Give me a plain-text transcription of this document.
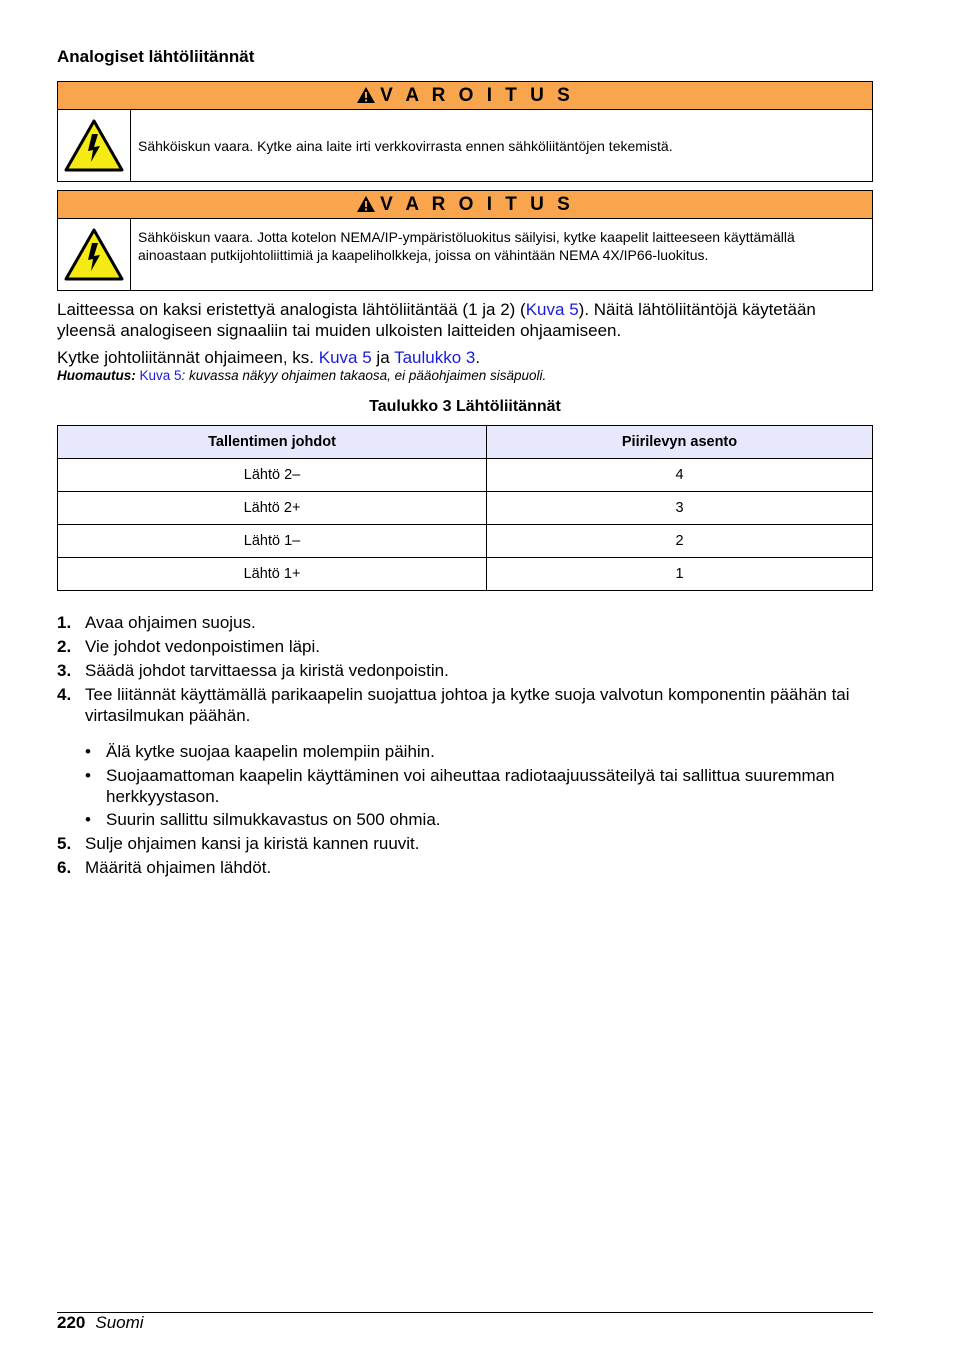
Analogiset lähtöliitännät
V A R O I T U S
Sähköiskun vaara. Kytke aina laite irti verkkovirrasta ennen sähköliitäntöjen tekemistä.
V A R O I T U S
Sähköiskun vaara. Jotta kotelon NEMA/IP-ympäristöluokitus säilyisi, kytke kaapelit laitteeseen käyttämällä ainoastaan putkijohtoliittimiä ja kaapeliholkkeja, joissa on vähintään NEMA 4X/IP66-luokitus.
Laitteessa on kaksi eristettyä analogista lähtöliitäntää (1 ja 2) (Kuva 5). Näitä lähtöliitäntöjä käytetään yleensä analogiseen signaaliin tai muiden ulkoisten laitteiden ohjaamiseen.
Kytke johtoliitännät ohjaimeen, ks. Kuva 5 ja Taulukko 3.
Huomautus: Kuva 5: kuvassa näkyy ohjaimen takaosa, ei pääohjaimen sisäpuoli.
Taulukko 3 Lähtöliitännät
Tallentimen johdot	Piirilevyn asento
Lähtö 2–	4
Lähtö 2+	3
Lähtö 1–	2
Lähtö 1+	1
1. Avaa ohjaimen suojus.
2. Vie johdot vedonpoistimen läpi.
3. Säädä johdot tarvittaessa ja kiristä vedonpoistin.
4. Tee liitännät käyttämällä parikaapelin suojattua johtoa ja kytke suoja valvotun komponentin päähän tai virtasilmukan päähän.
• Älä kytke suojaa kaapelin molempiin päihin.
• Suojaamattoman kaapelin käyttäminen voi aiheuttaa radiotaajuussäteilyä tai sallittua suuremman herkkyystason.
• Suurin sallittu silmukkavastus on 500 ohmia.
5. Sulje ohjaimen kansi ja kiristä kannen ruuvit.
6. Määritä ohjaimen lähdöt.
220 Suomi
